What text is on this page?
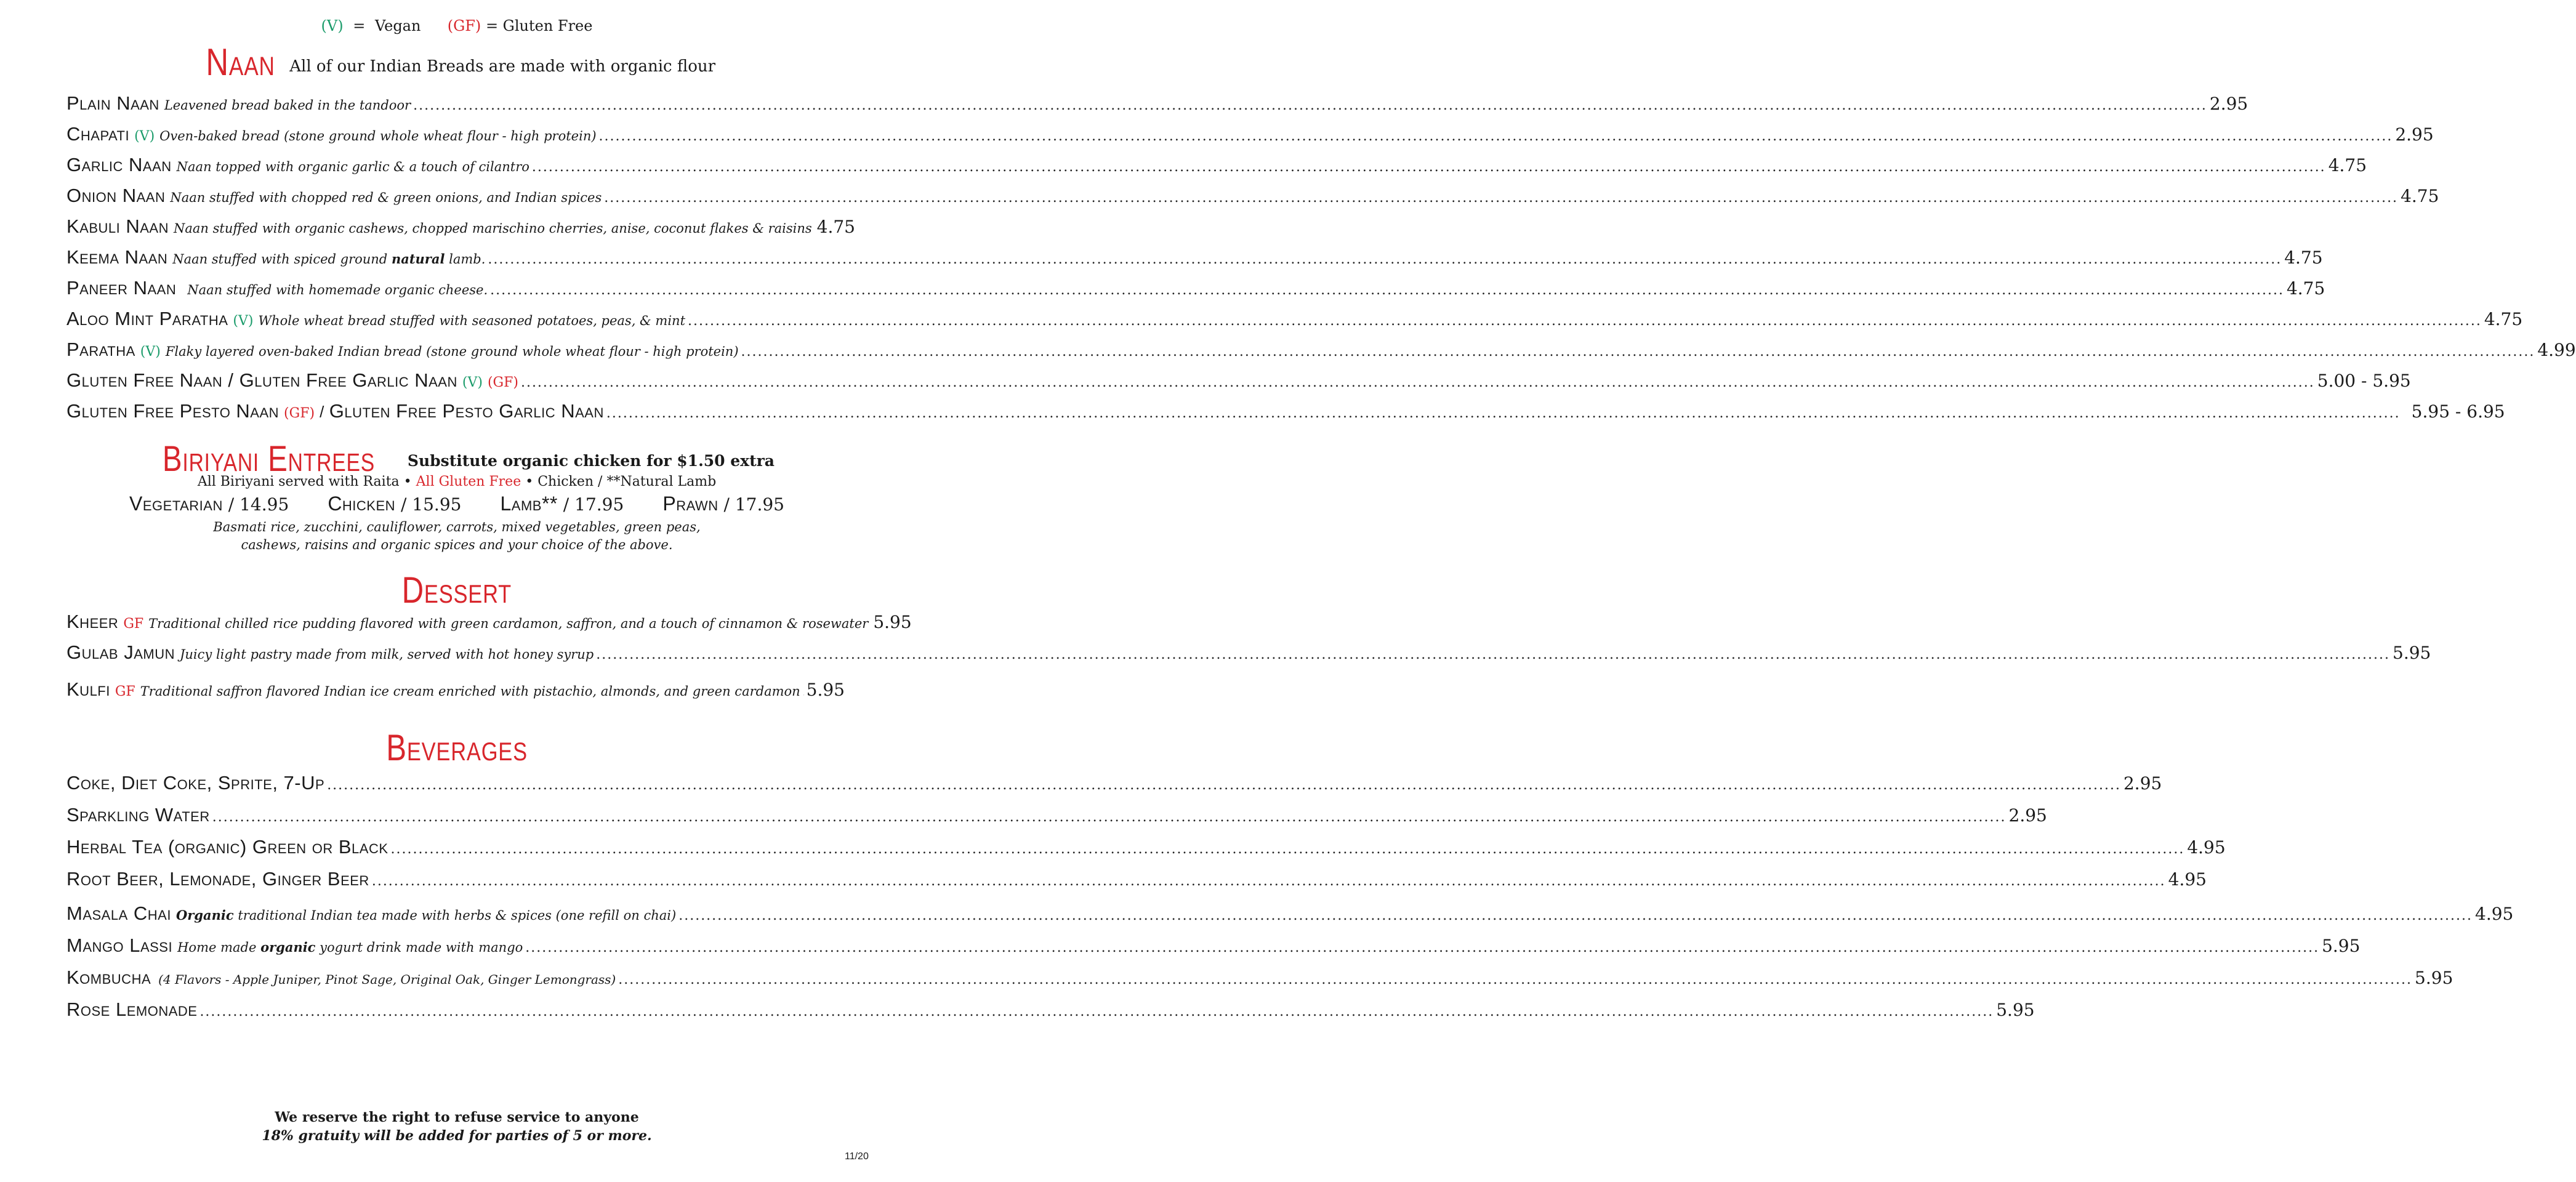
(V) = Vegan (GF) = Gluten Free
Naan All of our Indian Breads are made with organic flour
Plain Naan Leavened bread baked in the tandoor .....	2.95
Chapati (V) Oven-baked bread (stone ground whole wheat flour - high protein) .....	2.95
Garlic Naan Naan topped with organic garlic & a touch of cilantro .....	4.75
Onion Naan Naan stuffed with chopped red & green onions, and Indian spices .....	4.75
Kabuli Naan Naan stuffed with organic cashews, chopped marischino cherries, anise, coconut flakes & raisins 4.75
Keema Naan Naan stuffed with spiced ground natural lamb. .....	4.75
Paneer Naan Naan stuffed with homemade organic cheese. .....	4.75
Aloo Mint Paratha (V) Whole wheat bread stuffed with seasoned potatoes, peas, & mint .....	4.75
Paratha (V) Flaky layered oven-baked Indian bread (stone ground whole wheat flour - high protein) .....	4.99
Gluten Free Naan / Gluten Free Garlic Naan (V) (GF) .....	5.00 - 5.95
Gluten Free Pesto Naan (GF) / Gluten Free Pesto Garlic Naan .....	5.95 - 6.95
Biriyani Entrees Substitute organic chicken for $1.50 extra
All Biriyani served with Raita • All Gluten Free • Chicken / **Natural Lamb
Vegetarian / 14.95 Chicken / 15.95 Lamb** / 17.95 Prawn / 17.95
Basmati rice, zucchini, cauliflower, carrots, mixed vegetables, green peas,
cashews, raisins and organic spices and your choice of the above.
Dessert
Kheer GF Traditional chilled rice pudding flavored with green cardamon, saffron, and a touch of cinnamon & rosewater 5.95
Gulab Jamun Juicy light pastry made from milk, served with hot honey syrup .....	5.95
Kulfi GF Traditional saffron flavored Indian ice cream enriched with pistachio, almonds, and green cardamon ..... 5.95
Beverages
Coke, Diet Coke, Sprite, 7-Up .....	2.95
Sparkling Water .....	2.95
Herbal Tea (organic) Green or Black .....	4.95
Root Beer, Lemonade, Ginger Beer .....	4.95
Masala Chai Organic traditional Indian tea made with herbs & spices (one refill on chai) .....	4.95
Mango Lassi Home made organic yogurt drink made with mango .....	5.95
Kombucha (4 Flavors - Apple Juniper, Pinot Sage, Original Oak, Ginger Lemongrass) .....	5.95
Rose Lemonade .....	5.95
We reserve the right to refuse service to anyone
18% gratuity will be added for parties of 5 or more.
11/20
